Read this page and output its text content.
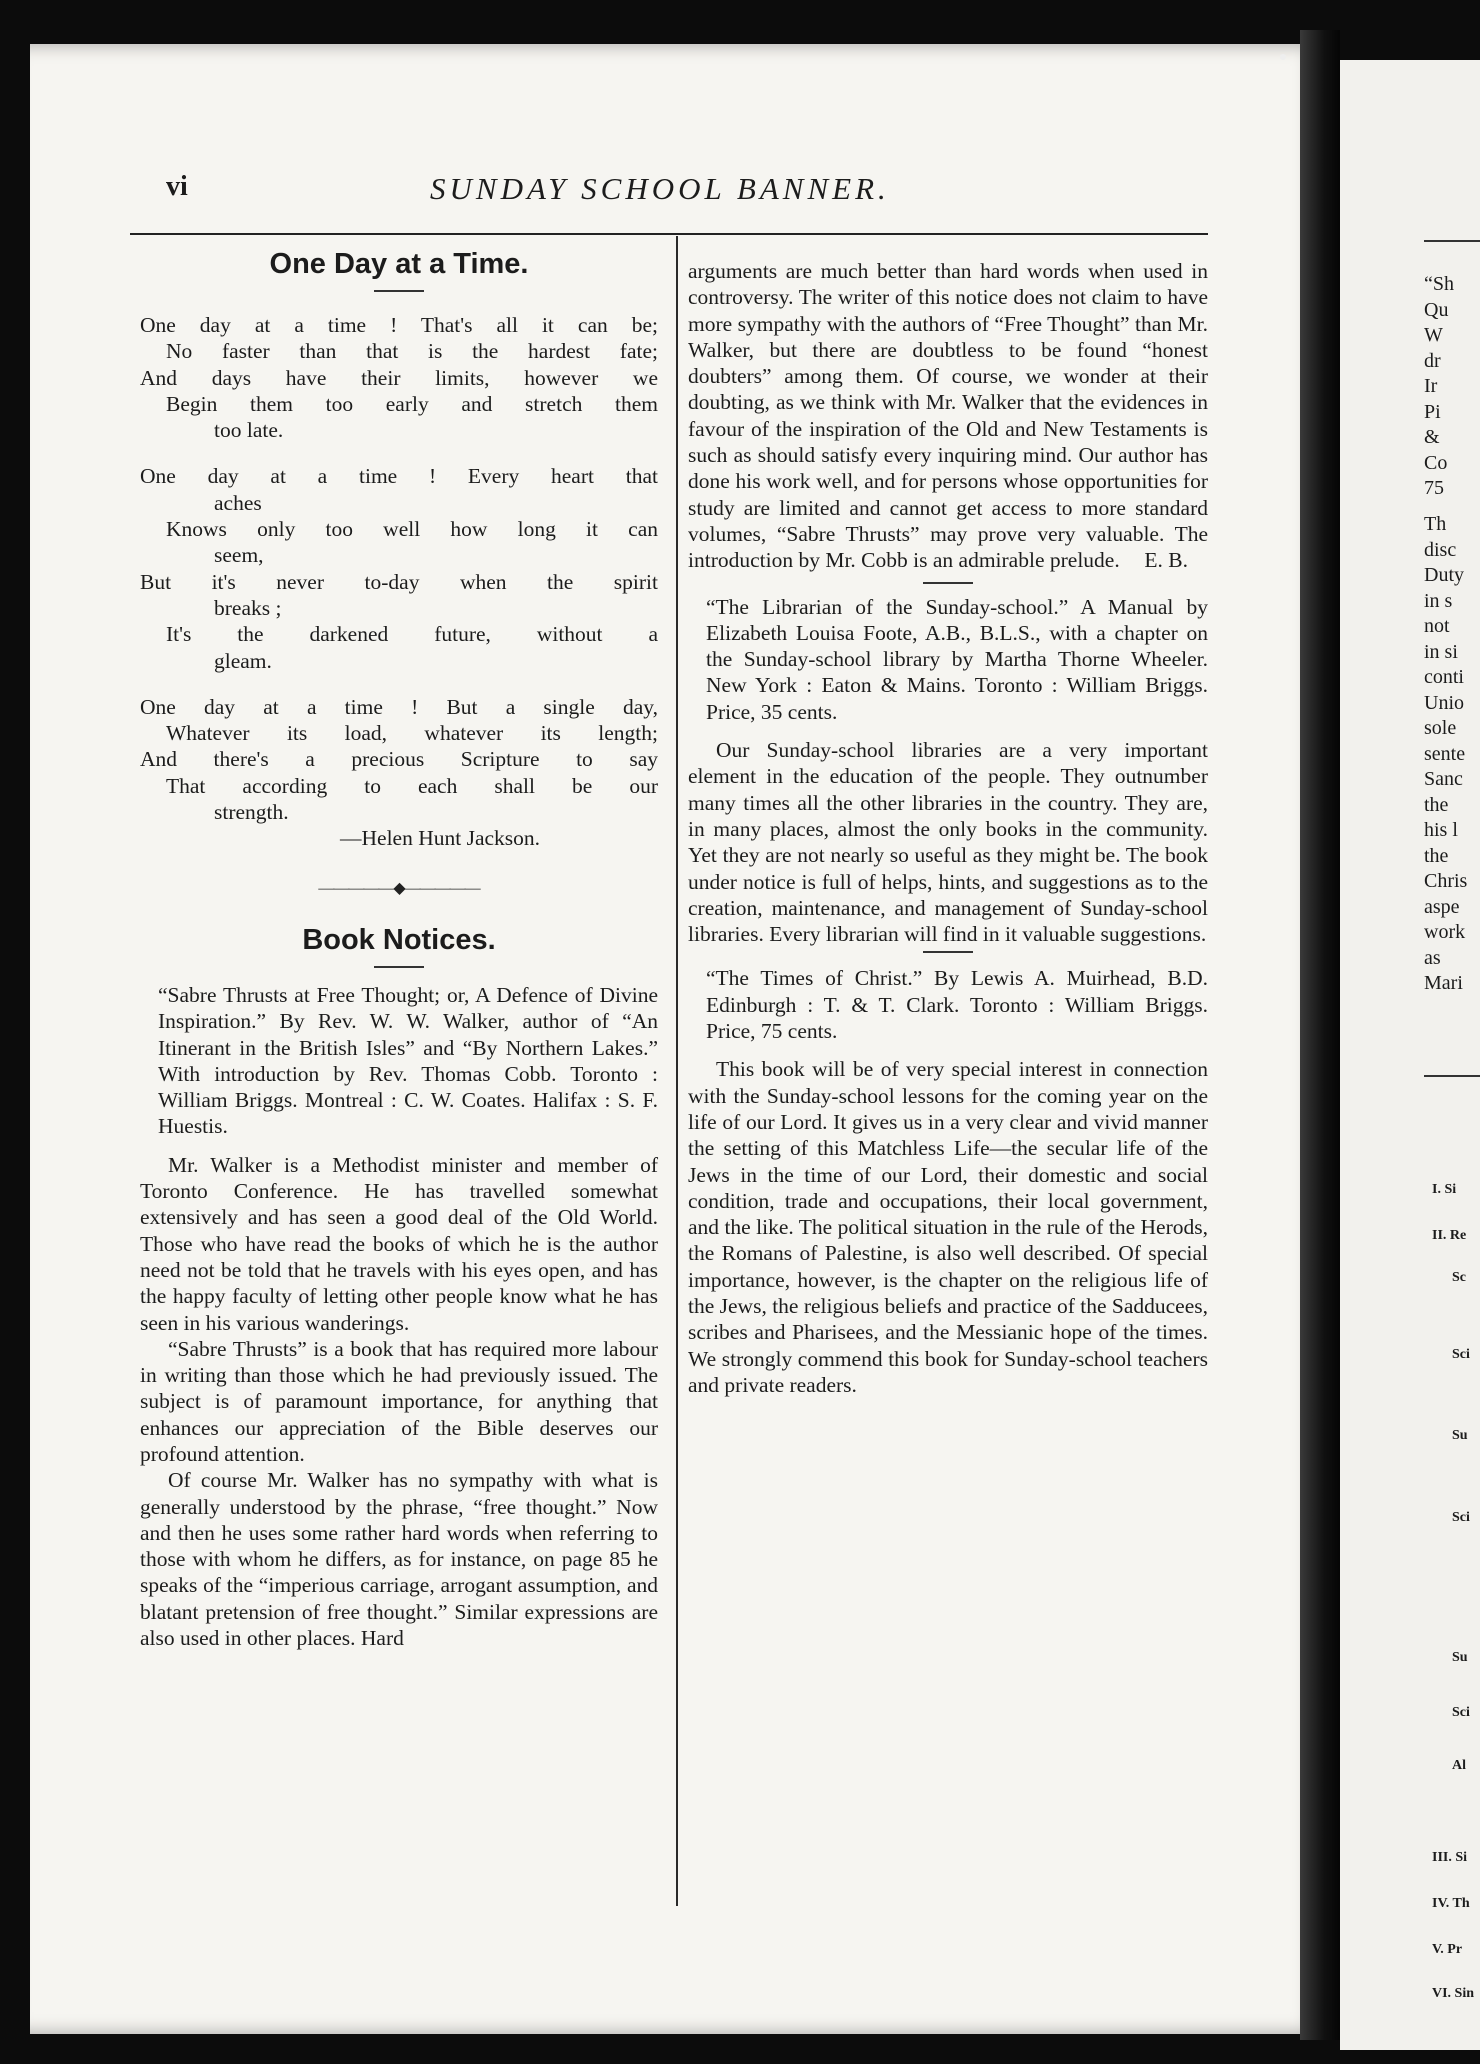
“Sh
Qu
W
dr
Ir
Pi
&
Co
75
Th
disc
Duty
in s
not
in si
conti
Unio
sole
sente
Sanc
the
his l
the
Chris
aspe
work
as
Mari
I. Si
II. Re
Sc
Sci
Su
Sci
Su
Sci
Al
III. Si
IV. Th
V. Pr
VI. Sin
vi	SUNDAY SCHOOL BANNER.
One Day at a Time.

One day at a time ! That's all it can be;

No faster than that is the hardest fate;

And days have their limits, however we

Begin them too early and stretch them

too late.

One day at a time ! Every heart that

aches

Knows only too well how long it can

seem,

But it's never to-day when the spirit

breaks ;

It's the darkened future, without a

gleam.

One day at a time ! But a single day,

Whatever its load, whatever its length;

And there's a precious Scripture to say

That according to each shall be our

strength.

—Helen Hunt Jackson.

—————◆—————
Book Notices.

“Sabre Thrusts at Free Thought; or, A Defence of Divine Inspiration.” By Rev. W. W. Walker, author of “An Itinerant in the British Isles” and “By Northern Lakes.” With introduction by Rev. Thomas Cobb. Toronto : William Briggs. Montreal : C. W. Coates. Halifax : S. F. Huestis.

Mr. Walker is a Methodist minister and member of Toronto Conference. He has travelled somewhat extensively and has seen a good deal of the Old World. Those who have read the books of which he is the author need not be told that he travels with his eyes open, and has the happy faculty of letting other people know what he has seen in his various wanderings.

“Sabre Thrusts” is a book that has required more labour in writing than those which he had previously issued. The subject is of paramount importance, for anything that enhances our appreciation of the Bible deserves our profound attention.

Of course Mr. Walker has no sympathy with what is generally understood by the phrase, “free thought.” Now and then he uses some rather hard words when referring to those with whom he differs, as for instance, on page 85 he speaks of the “imperious carriage, arrogant assumption, and blatant pretension of free thought.” Similar expressions are also used in other places. Hard

arguments are much better than hard words when used in controversy. The writer of this notice does not claim to have more sympathy with the authors of “Free Thought” than Mr. Walker, but there are doubtless to be found “honest doubters” among them. Of course, we wonder at their doubting, as we think with Mr. Walker that the evidences in favour of the inspiration of the Old and New Testaments is such as should satisfy every inquiring mind. Our author has done his work well, and for persons whose opportunities for study are limited and cannot get access to more standard volumes, “Sabre Thrusts” may prove very valuable. The introduction by Mr. Cobb is an admirable prelude. E. B.

“The Librarian of the Sunday-school.” A Manual by Elizabeth Louisa Foote, A.B., B.L.S., with a chapter on the Sunday-school library by Martha Thorne Wheeler. New York : Eaton & Mains. Toronto : William Briggs. Price, 35 cents.

Our Sunday-school libraries are a very important element in the education of the people. They outnumber many times all the other libraries in the country. They are, in many places, almost the only books in the community. Yet they are not nearly so useful as they might be. The book under notice is full of helps, hints, and suggestions as to the creation, maintenance, and management of Sunday-school libraries. Every librarian will find in it valuable suggestions.

“The Times of Christ.” By Lewis A. Muirhead, B.D. Edinburgh : T. & T. Clark. Toronto : William Briggs. Price, 75 cents.

This book will be of very special interest in connection with the Sunday-school lessons for the coming year on the life of our Lord. It gives us in a very clear and vivid manner the setting of this Matchless Life—the secular life of the Jews in the time of our Lord, their domestic and social condition, trade and occupations, their local government, and the like. The political situation in the rule of the Herods, the Romans of Palestine, is also well described. Of special importance, however, is the chapter on the religious life of the Jews, the religious beliefs and practice of the Sadducees, scribes and Pharisees, and the Messianic hope of the times. We strongly commend this book for Sunday-school teachers and private readers.
